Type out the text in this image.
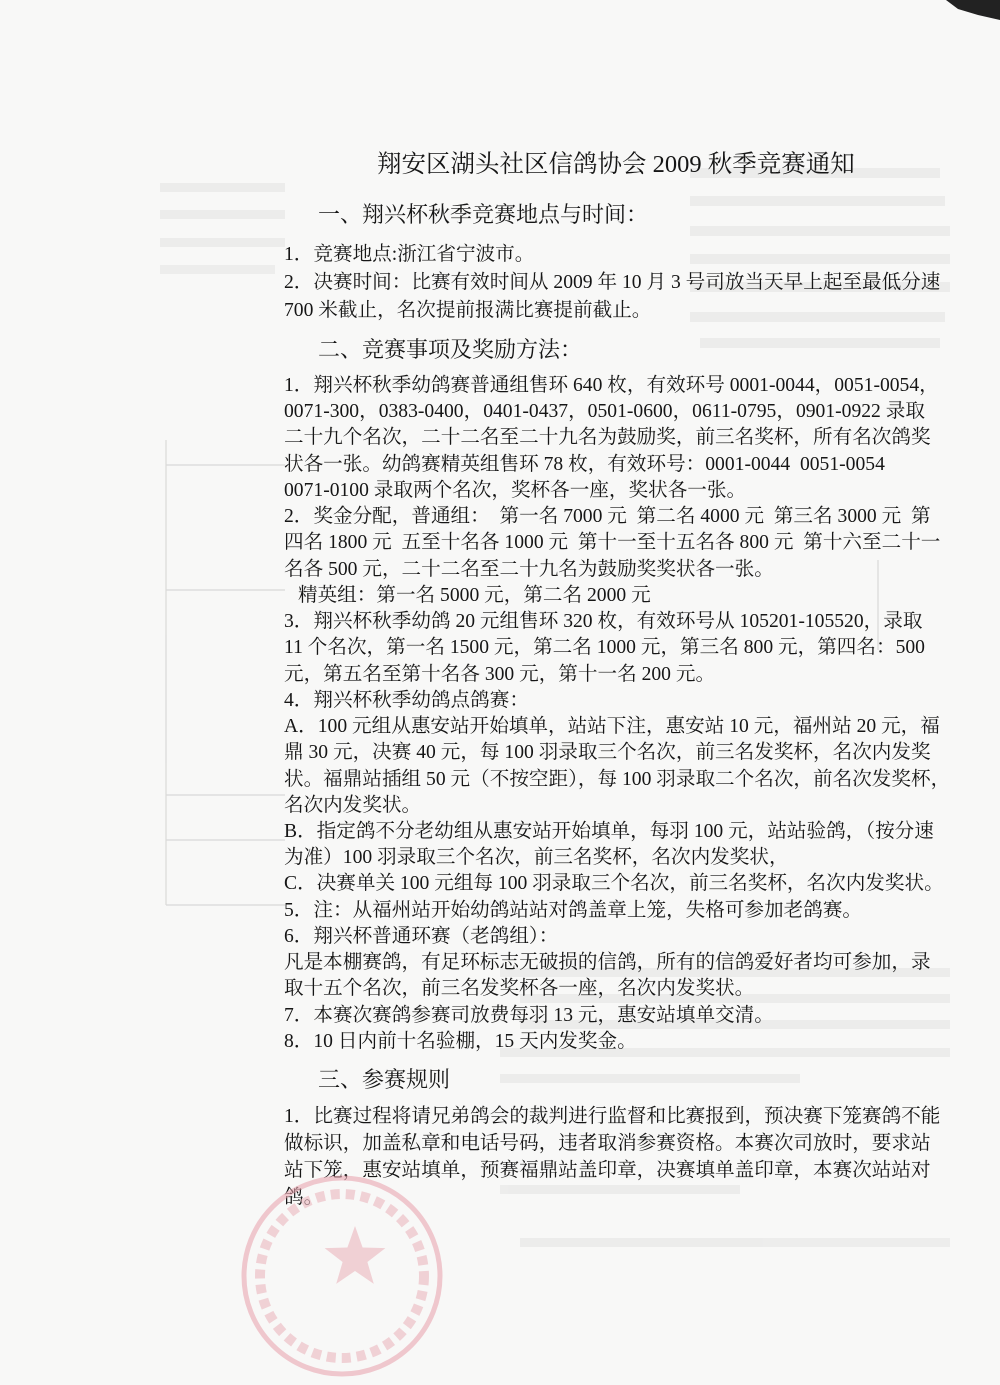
翔安区湖头社区信鸽协会 2009 秋季竞赛通知
一、翔兴杯秋季竞赛地点与时间：
1．竞赛地点:浙江省宁波市。
2．决赛时间：比赛有效时间从 2009 年 10 月 3 号司放当天早上起至最低分速
700 米截止，名次提前报满比赛提前截止。
二、竞赛事项及奖励方法：
1．翔兴杯秋季幼鸽赛普通组售环 640 枚，有效环号 0001-0044，0051-0054，
0071-300，0383-0400，0401-0437，0501-0600，0611-0795，0901-0922 录取
二十九个名次，二十二名至二十九名为鼓励奖，前三名奖杯，所有名次鸽奖
状各一张。幼鸽赛精英组售环 78 枚，有效环号：0001-0044  0051-0054
0071-0100 录取两个名次，奖杯各一座，奖状各一张。
2．奖金分配，普通组：  第一名 7000 元  第二名 4000 元  第三名 3000 元  第
四名 1800 元  五至十名各 1000 元  第十一至十五名各 800 元  第十六至二十一
名各 500 元，二十二名至二十九名为鼓励奖奖状各一张。
精英组：第一名 5000 元，第二名 2000 元
3．翔兴杯秋季幼鸽 20 元组售环 320 枚，有效环号从 105201-105520，录取
11 个名次，第一名 1500 元，第二名 1000 元，第三名 800 元，第四名：500
元，第五名至第十名各 300 元，第十一名 200 元。
4．翔兴杯秋季幼鸽点鸽赛：
A．100 元组从惠安站开始填单，站站下注，惠安站 10 元，福州站 20 元，福
鼎 30 元，决赛 40 元，每 100 羽录取三个名次，前三名发奖杯，名次内发奖
状。福鼎站插组 50 元（不按空距），每 100 羽录取二个名次，前名次发奖杯，
名次内发奖状。
B．指定鸽不分老幼组从惠安站开始填单，每羽 100 元，站站验鸽，（按分速
为准）100 羽录取三个名次，前三名奖杯，名次内发奖状，
C．决赛单关 100 元组每 100 羽录取三个名次，前三名奖杯，名次内发奖状。
5．注：从福州站开始幼鸽站站对鸽盖章上笼，失格可参加老鸽赛。
6．翔兴杯普通环赛（老鸽组）：
凡是本棚赛鸽，有足环标志无破损的信鸽，所有的信鸽爱好者均可参加，录
取十五个名次，前三名发奖杯各一座，名次内发奖状。
7．本赛次赛鸽参赛司放费每羽 13 元，惠安站填单交清。
8．10 日内前十名验棚，15 天内发奖金。
三、参赛规则
1．比赛过程将请兄弟鸽会的裁判进行监督和比赛报到，预决赛下笼赛鸽不能
做标识，加盖私章和电话号码，违者取消参赛资格。本赛次司放时，要求站
站下笼，惠安站填单，预赛福鼎站盖印章，决赛填单盖印章，本赛次站站对
鸽。
